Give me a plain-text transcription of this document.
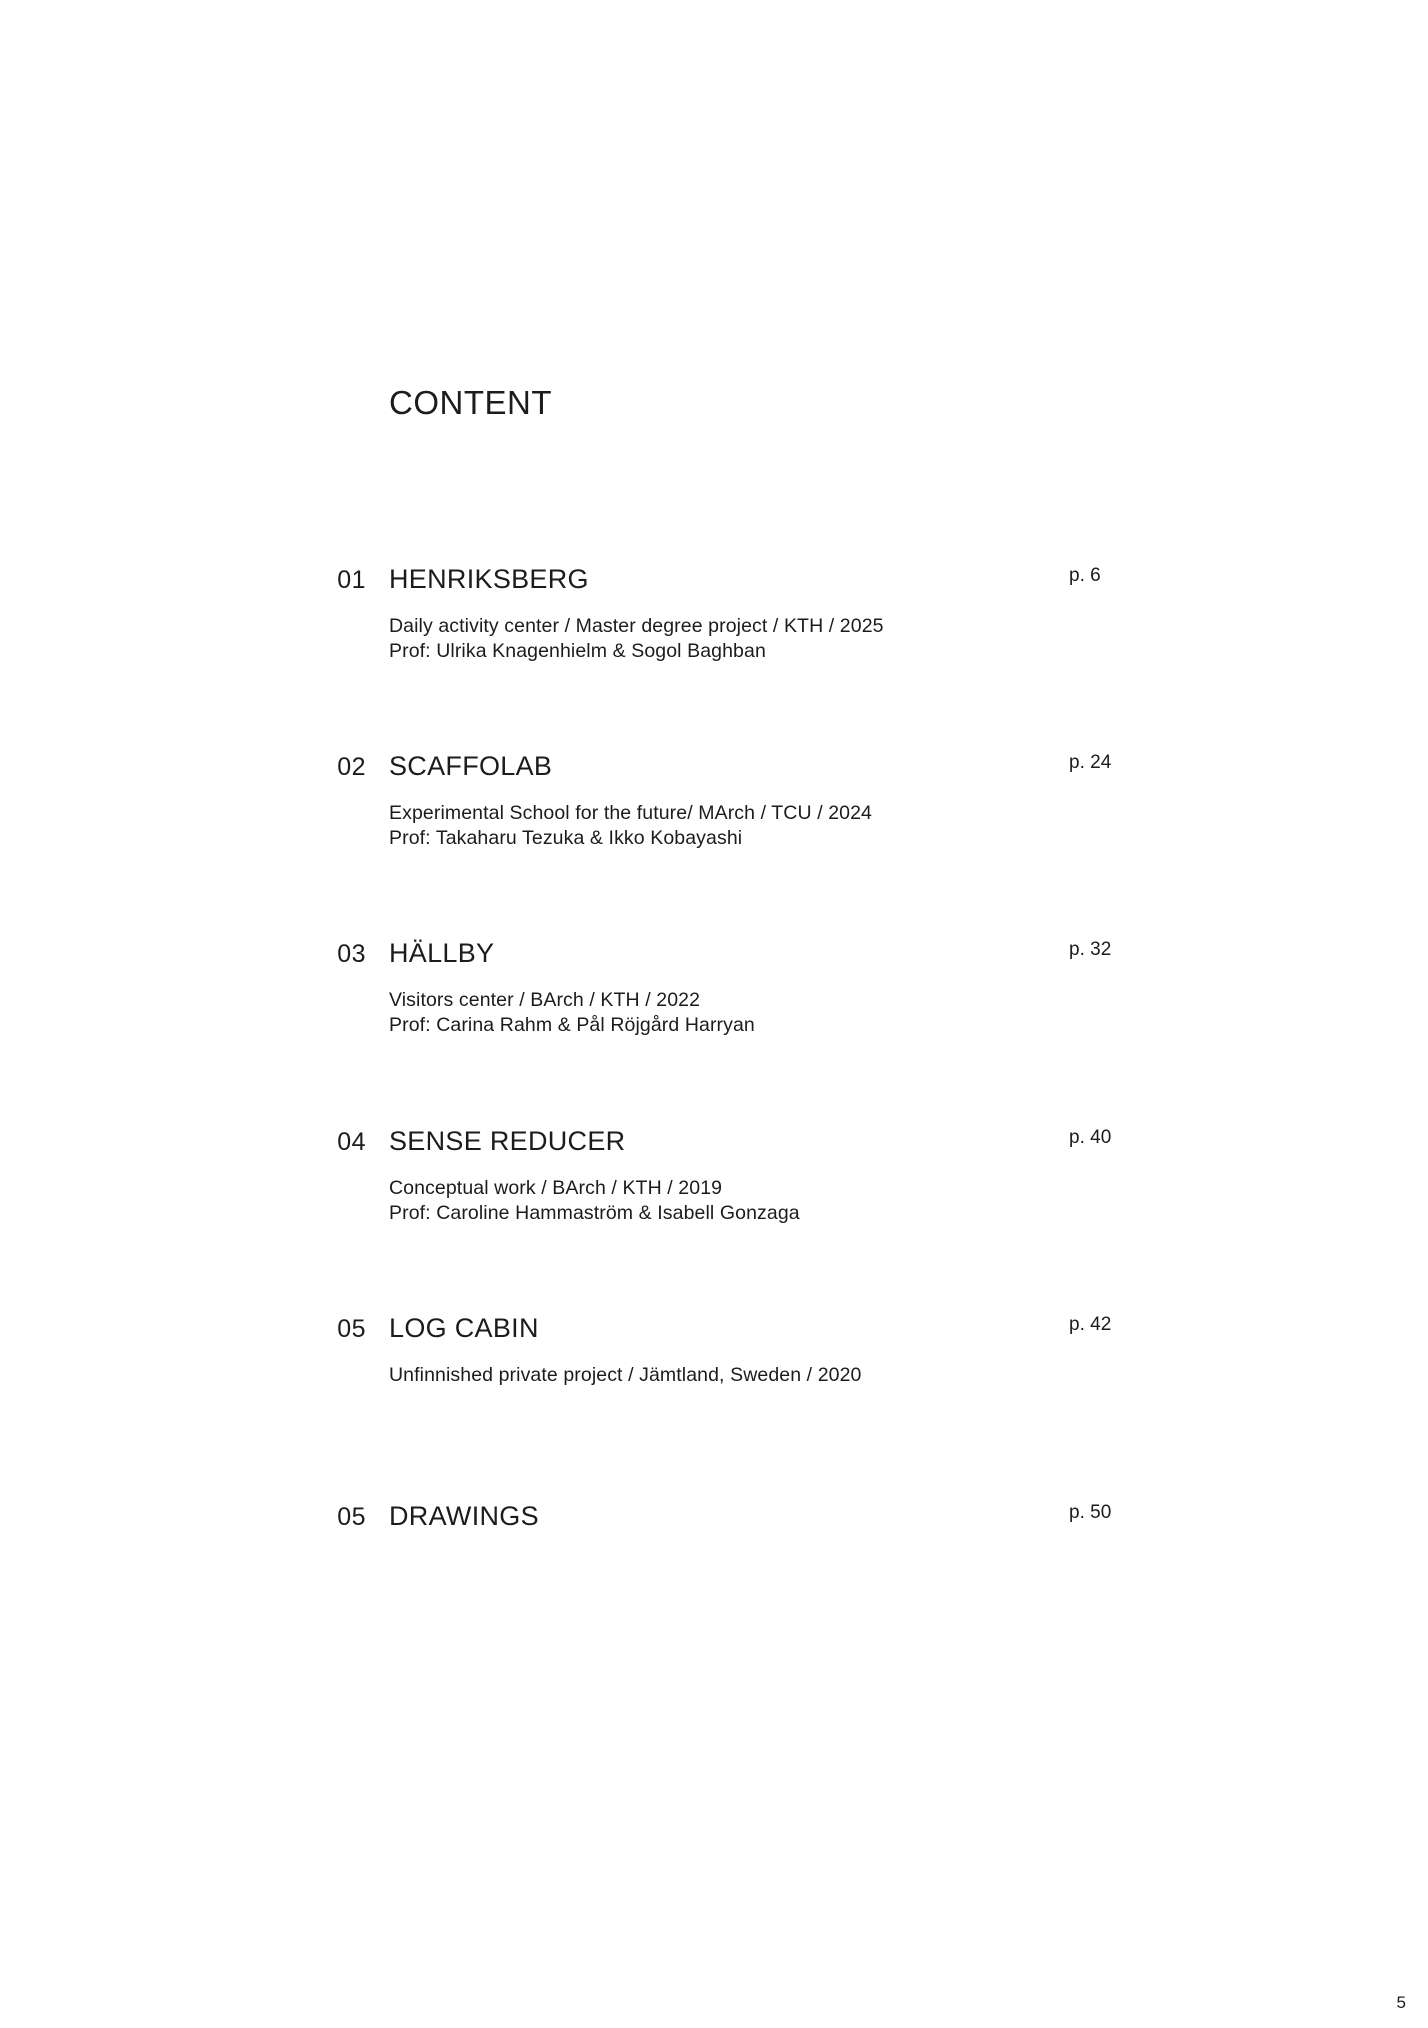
CONTENT
01 HENRIKSBERG	p. 6
Daily activity center / Master degree project / KTH / 2025
Prof: Ulrika Knagenhielm & Sogol Baghban
02 SCAFFOLAB	p. 24
Experimental School for the future/ MArch / TCU / 2024
Prof: Takaharu Tezuka & Ikko Kobayashi
03 HÄLLBY	p. 32
Visitors center / BArch / KTH / 2022
Prof: Carina Rahm & Pål Röjgård Harryan
04 SENSE REDUCER	p. 40
Conceptual work / BArch / KTH / 2019
Prof: Caroline Hammaström & Isabell Gonzaga
05 LOG CABIN	p. 42
Unfinnished private project / Jämtland, Sweden / 2020
05 DRAWINGS	p. 50
5
